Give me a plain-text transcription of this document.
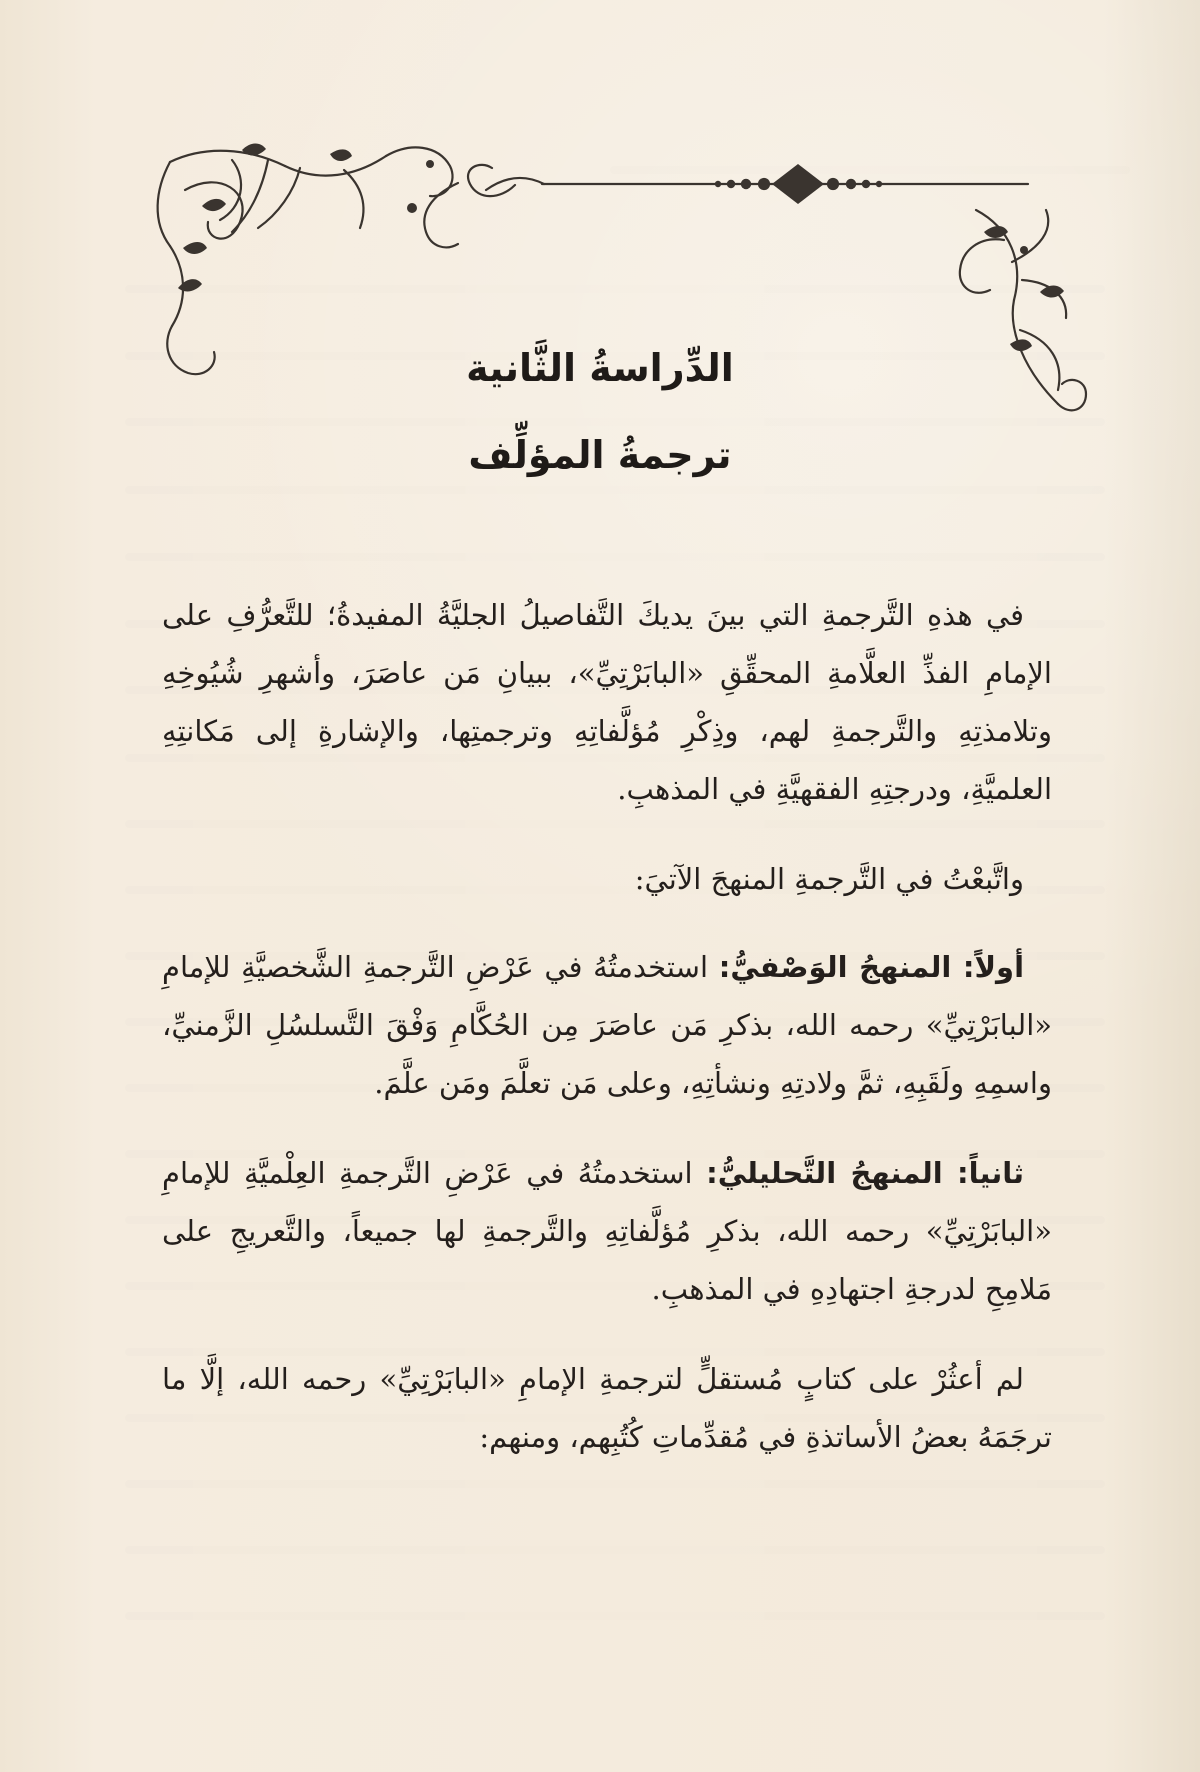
الدِّراسةُ الثَّانية
ترجمةُ المؤلِّف

في هذهِ التَّرجمةِ التي بينَ يديكَ التَّفاصيلُ الجليَّةُ المفيدةُ؛ للتَّعرُّفِ على الإمامِ الفذِّ العلَّامةِ المحقِّقِ «البابَرْتِيِّ»، ببيانِ مَن عاصَرَ، وأشهرِ شُيُوخِهِ وتلامذتِهِ والتَّرجمةِ لهم، وذِكْرِ مُؤلَّفاتِهِ وترجمتِها، والإشارةِ إلى مَكانتِهِ العلميَّةِ، ودرجتِهِ الفقهيَّةِ في المذهبِ.

واتَّبعْتُ في التَّرجمةِ المنهجَ الآتيَ:

أولاً: المنهجُ الوَصْفيُّ: استخدمتُهُ في عَرْضِ التَّرجمةِ الشَّخصيَّةِ للإمامِ «البابَرْتِيِّ» رحمه الله، بذكرِ مَن عاصَرَ مِن الحُكَّامِ وَفْقَ التَّسلسُلِ الزَّمنيِّ، واسمِهِ ولَقَبِهِ، ثمَّ ولادتِهِ ونشأتِهِ، وعلى مَن تعلَّمَ ومَن علَّمَ.

ثانياً: المنهجُ التَّحليليُّ: استخدمتُهُ في عَرْضِ التَّرجمةِ العِلْميَّةِ للإمامِ «البابَرْتِيِّ» رحمه الله، بذكرِ مُؤلَّفاتِهِ والتَّرجمةِ لها جميعاً، والتَّعريجِ على مَلامِحِ لدرجةِ اجتهادِهِ في المذهبِ.

لم أعثُرْ على كتابٍ مُستقلٍّ لترجمةِ الإمامِ «البابَرْتِيِّ» رحمه الله، إلَّا ما ترجَمَهُ بعضُ الأساتذةِ في مُقدِّماتِ كُتُبِهم، ومنهم:
